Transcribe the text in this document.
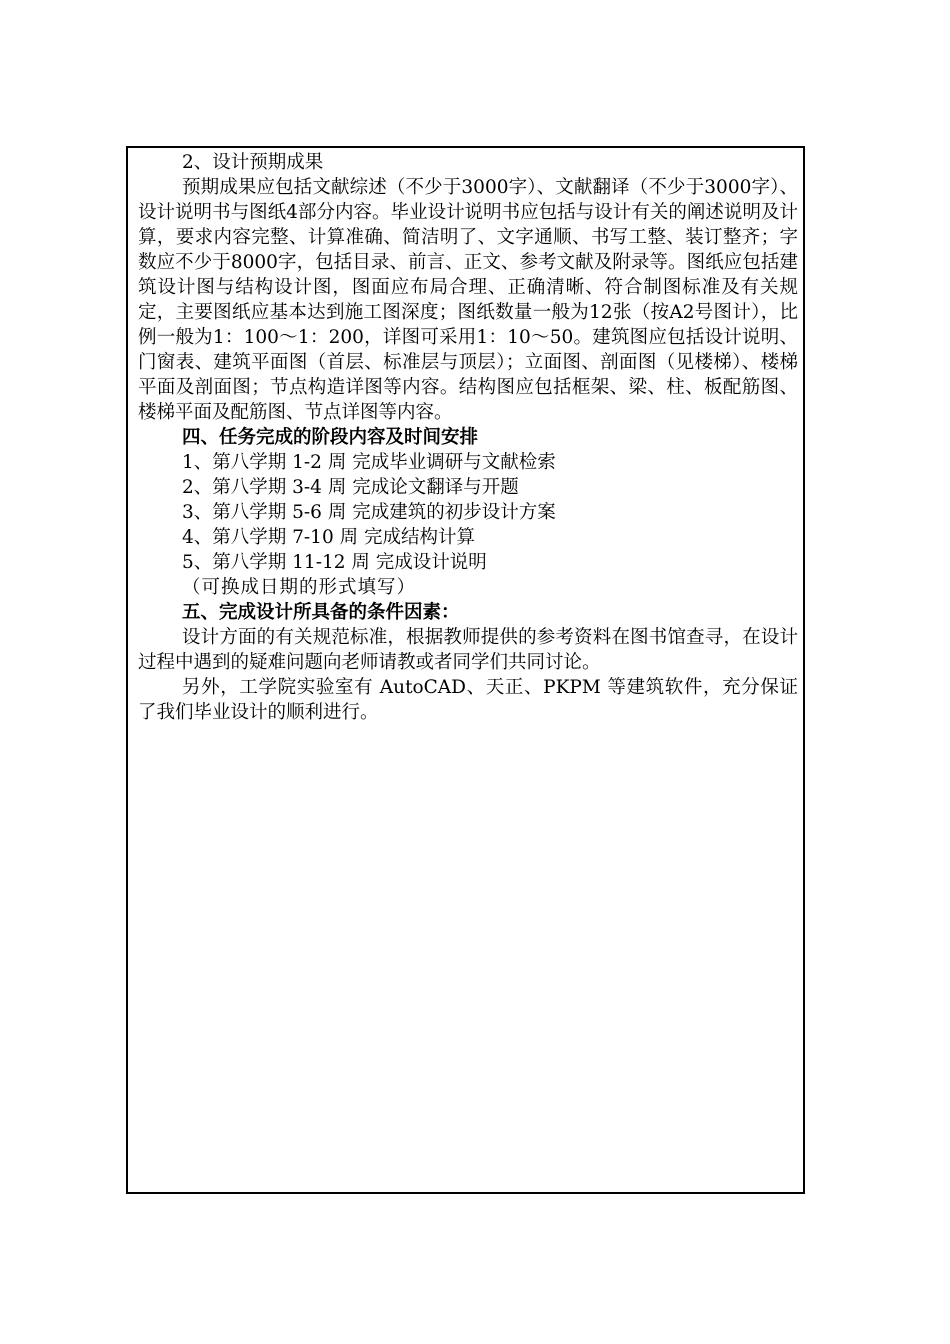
2、设计预期成果

预期成果应包括文献综述（不少于3000字）、文献翻译（不少于3000字）、设计说明书与图纸4部分内容。毕业设计说明书应包括与设计有关的阐述说明及计算，要求内容完整、计算准确、简洁明了、文字通顺、书写工整、装订整齐；字数应不少于8000字，包括目录、前言、正文、参考文献及附录等。图纸应包括建筑设计图与结构设计图，图面应布局合理、正确清晰、符合制图标准及有关规定，主要图纸应基本达到施工图深度；图纸数量一般为12张（按A2号图计），比例一般为1：100～1：200，详图可采用1：10～50。建筑图应包括设计说明、门窗表、建筑平面图（首层、标准层与顶层）；立面图、剖面图（见楼梯）、楼梯平面及剖面图；节点构造详图等内容。结构图应包括框架、梁、柱、板配筋图、楼梯平面及配筋图、节点详图等内容。

四、任务完成的阶段内容及时间安排

1、第八学期 1-2 周 完成毕业调研与文献检索

2、第八学期 3-4 周 完成论文翻译与开题

3、第八学期 5-6 周 完成建筑的初步设计方案

4、第八学期 7-10 周 完成结构计算

5、第八学期 11-12 周 完成设计说明

（可换成日期的形式填写）

五、完成设计所具备的条件因素：

设计方面的有关规范标准，根据教师提供的参考资料在图书馆查寻，在设计过程中遇到的疑难问题向老师请教或者同学们共同讨论。

另外，工学院实验室有 AutoCAD、天正、PKPM 等建筑软件，充分保证了我们毕业设计的顺利进行。
